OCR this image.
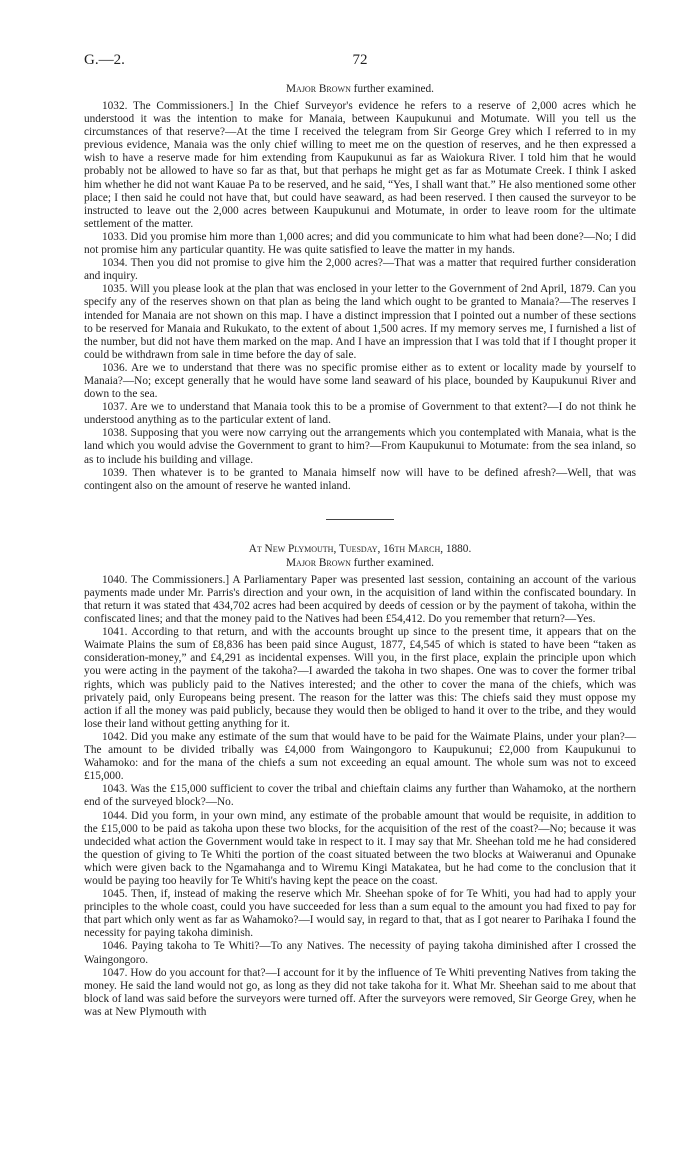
G.—2.	72

Major Brown further examined.

1032. The Commissioners.] In the Chief Surveyor's evidence he refers to a reserve of 2,000 acres which he understood it was the intention to make for Manaia, between Kaupukunui and Motumate. Will you tell us the circumstances of that reserve?—At the time I received the telegram from Sir George Grey which I referred to in my previous evidence, Manaia was the only chief willing to meet me on the question of reserves, and he then expressed a wish to have a reserve made for him extending from Kaupukunui as far as Waiokura River. I told him that he would probably not be allowed to have so far as that, but that perhaps he might get as far as Motumate Creek. I think I asked him whether he did not want Kauae Pa to be reserved, and he said, “Yes, I shall want that.” He also mentioned some other place; I then said he could not have that, but could have seaward, as had been reserved. I then caused the surveyor to be instructed to leave out the 2,000 acres between Kaupukunui and Motumate, in order to leave room for the ultimate settlement of the matter.

1033. Did you promise him more than 1,000 acres; and did you communicate to him what had been done?—No; I did not promise him any particular quantity. He was quite satisfied to leave the matter in my hands.

1034. Then you did not promise to give him the 2,000 acres?—That was a matter that required further consideration and inquiry.

1035. Will you please look at the plan that was enclosed in your letter to the Government of 2nd April, 1879. Can you specify any of the reserves shown on that plan as being the land which ought to be granted to Manaia?—The reserves I intended for Manaia are not shown on this map. I have a distinct impression that I pointed out a number of these sections to be reserved for Manaia and Rukukato, to the extent of about 1,500 acres. If my memory serves me, I furnished a list of the number, but did not have them marked on the map. And I have an impression that I was told that if I thought proper it could be withdrawn from sale in time before the day of sale.

1036. Are we to understand that there was no specific promise either as to extent or locality made by yourself to Manaia?—No; except generally that he would have some land seaward of his place, bounded by Kaupukunui River and down to the sea.

1037. Are we to understand that Manaia took this to be a promise of Government to that extent?—I do not think he understood anything as to the particular extent of land.

1038. Supposing that you were now carrying out the arrangements which you contemplated with Manaia, what is the land which you would advise the Government to grant to him?—From Kaupukunui to Motumate: from the sea inland, so as to include his building and village.

1039. Then whatever is to be granted to Manaia himself now will have to be defined afresh?—Well, that was contingent also on the amount of reserve he wanted inland.

At New Plymouth, Tuesday, 16th March, 1880.

Major Brown further examined.

1040. The Commissioners.] A Parliamentary Paper was presented last session, containing an account of the various payments made under Mr. Parris's direction and your own, in the acquisition of land within the confiscated boundary. In that return it was stated that 434,702 acres had been acquired by deeds of cession or by the payment of takoha, within the confiscated lines; and that the money paid to the Natives had been £54,412. Do you remember that return?—Yes.

1041. According to that return, and with the accounts brought up since to the present time, it appears that on the Waimate Plains the sum of £8,836 has been paid since August, 1877, £4,545 of which is stated to have been “taken as consideration-money,” and £4,291 as incidental expenses. Will you, in the first place, explain the principle upon which you were acting in the payment of the takoha?—I awarded the takoha in two shapes. One was to cover the former tribal rights, which was publicly paid to the Natives interested; and the other to cover the mana of the chiefs, which was privately paid, only Europeans being present. The reason for the latter was this: The chiefs said they must oppose my action if all the money was paid publicly, because they would then be obliged to hand it over to the tribe, and they would lose their land without getting anything for it.

1042. Did you make any estimate of the sum that would have to be paid for the Waimate Plains, under your plan?—The amount to be divided tribally was £4,000 from Waingongoro to Kaupukunui; £2,000 from Kaupukunui to Wahamoko: and for the mana of the chiefs a sum not exceeding an equal amount. The whole sum was not to exceed £15,000.

1043. Was the £15,000 sufficient to cover the tribal and chieftain claims any further than Wahamoko, at the northern end of the surveyed block?—No.

1044. Did you form, in your own mind, any estimate of the probable amount that would be requisite, in addition to the £15,000 to be paid as takoha upon these two blocks, for the acquisition of the rest of the coast?—No; because it was undecided what action the Government would take in respect to it. I may say that Mr. Sheehan told me he had considered the question of giving to Te Whiti the portion of the coast situated between the two blocks at Waiweranui and Opunake which were given back to the Ngamahanga and to Wiremu Kingi Matakatea, but he had come to the conclusion that it would be paying too heavily for Te Whiti's having kept the peace on the coast.

1045. Then, if, instead of making the reserve which Mr. Sheehan spoke of for Te Whiti, you had had to apply your principles to the whole coast, could you have succeeded for less than a sum equal to the amount you had fixed to pay for that part which only went as far as Wahamoko?—I would say, in regard to that, that as I got nearer to Parihaka I found the necessity for paying takoha diminish.

1046. Paying takoha to Te Whiti?—To any Natives. The necessity of paying takoha diminished after I crossed the Waingongoro.

1047. How do you account for that?—I account for it by the influence of Te Whiti preventing Natives from taking the money. He said the land would not go, as long as they did not take takoha for it. What Mr. Sheehan said to me about that block of land was said before the surveyors were turned off. After the surveyors were removed, Sir George Grey, when he was at New Plymouth with
